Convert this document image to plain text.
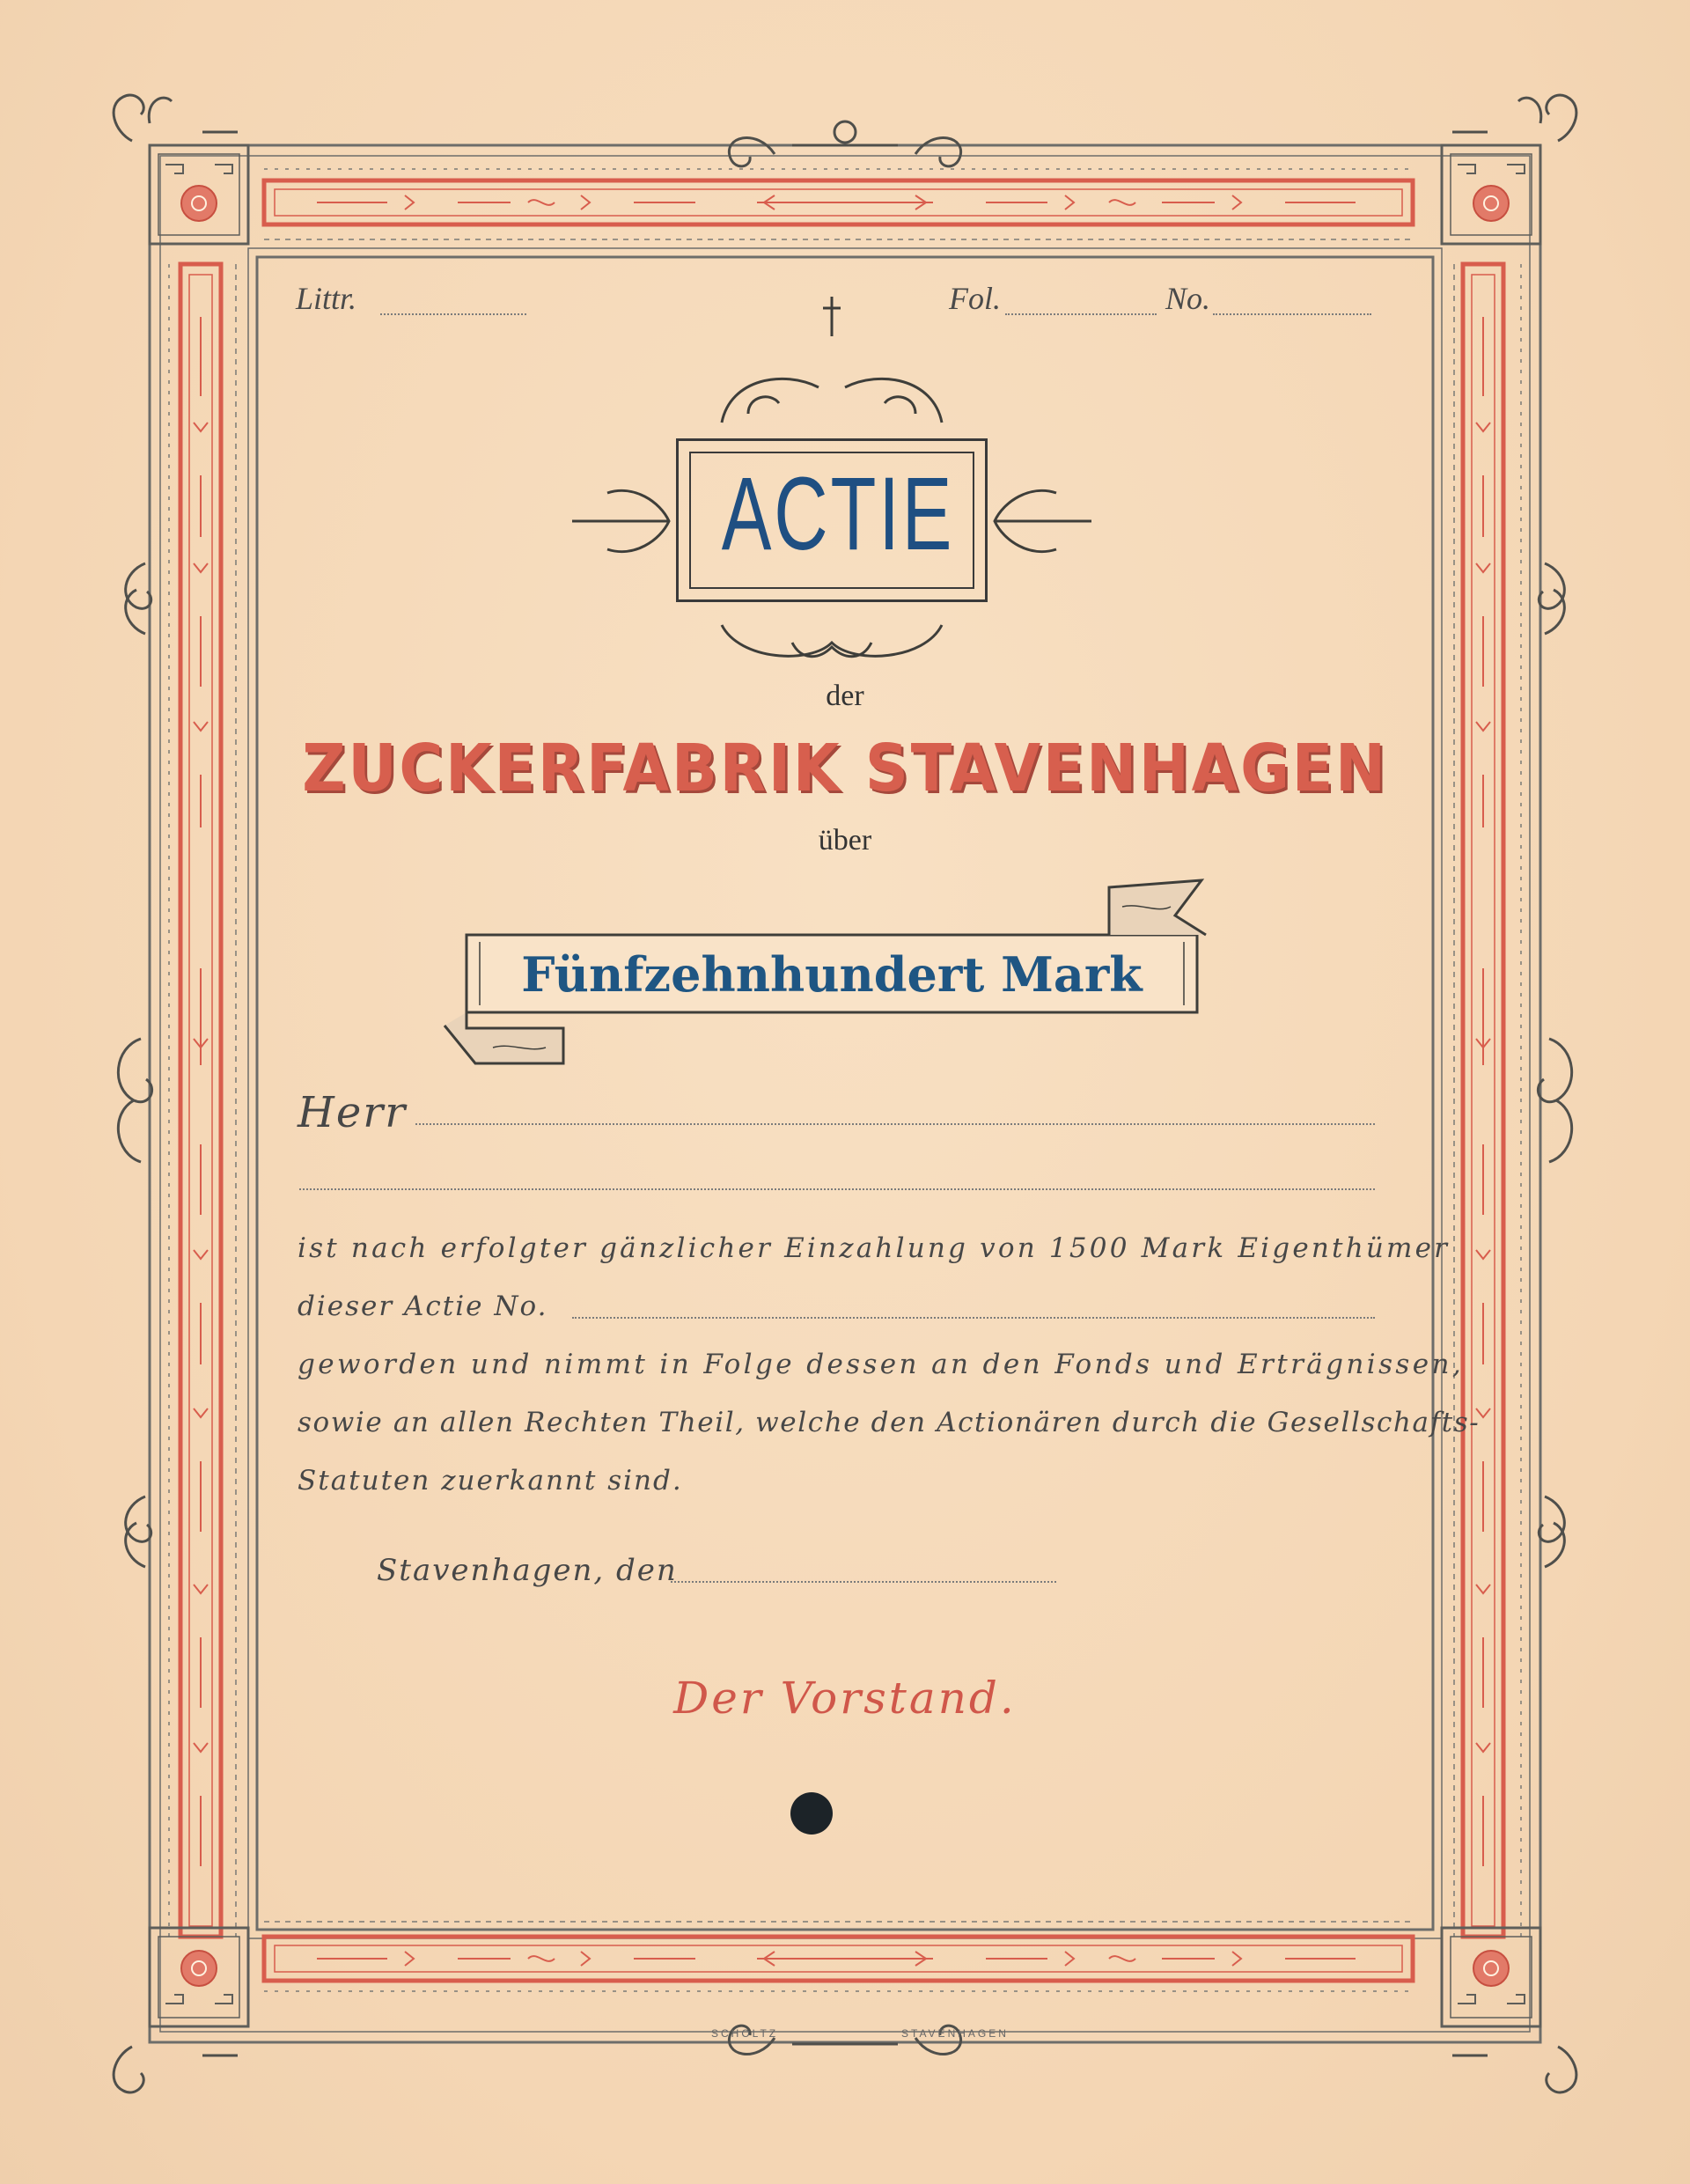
Littr.	Fol.	No.
ACTIE
der
ZUCKERFABRIK STAVENHAGEN
über
Fünfzehnhundert Mark
Herr
ist nach erfolgter gänzlicher Einzahlung von 1500 Mark Eigenthümer
dieser Actie No.
geworden und nimmt in Folge dessen an den Fonds und Erträgnissen,
sowie an allen Rechten Theil, welche den Actionären durch die Gesellschafts-
Statuten zuerkannt sind.
Stavenhagen, den
Der Vorstand.
SCHOLTZ	STAVENHAGEN
